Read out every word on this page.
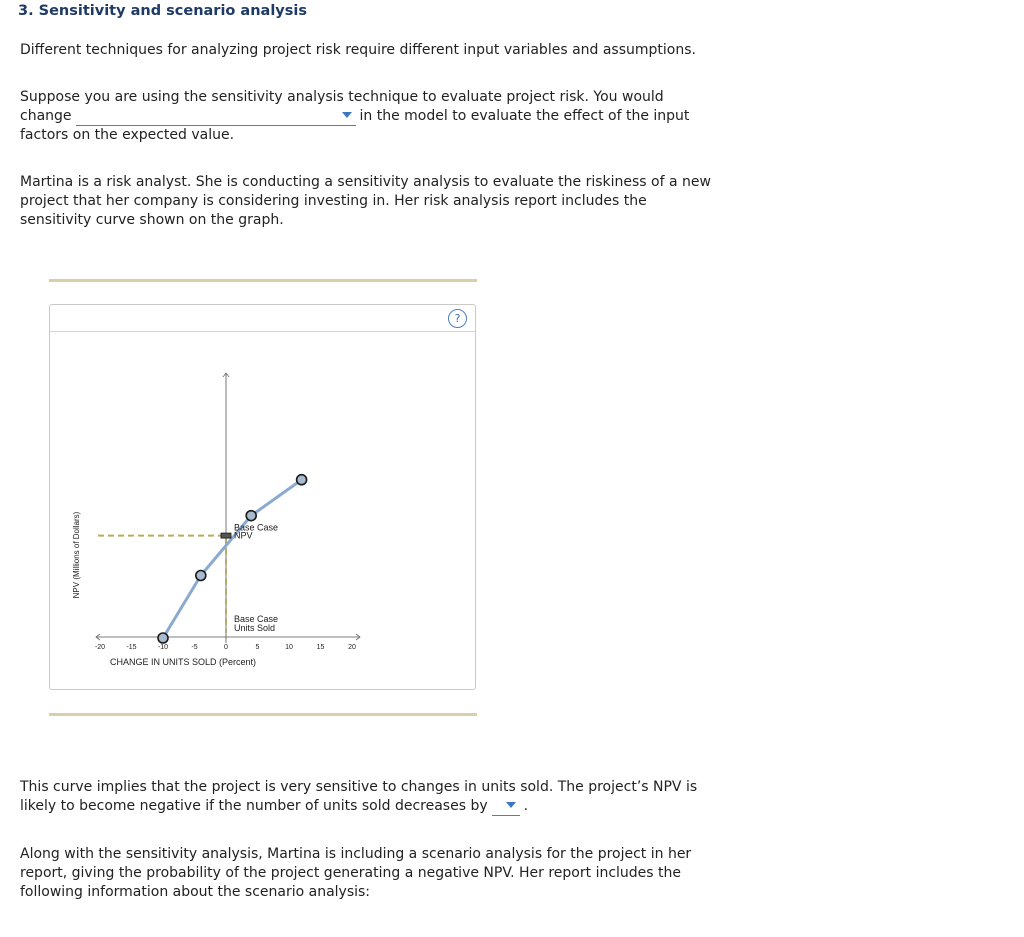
3. Sensitivity and scenario analysis

Different techniques for analyzing project risk require different input variables and assumptions.

Suppose you are using the sensitivity analysis technique to evaluate project risk. You would
change	in the model to evaluate the effect of the input
factors on the expected value.

Martina is a risk analyst. She is conducting a sensitivity analysis to evaluate the riskiness of a new
project that her company is considering investing in. Her risk analysis report includes the
sensitivity curve shown on the graph.

?
NPV (Millions of Dollars)
CHANGE IN UNITS SOLD (Percent)
-20	-15	-10	-5	0	5	10	15	20
Base Case
NPV
Base Case
Units Sold

This curve implies that the project is very sensitive to changes in units sold. The project’s NPV is
likely to become negative if the number of units sold decreases by	.

Along with the sensitivity analysis, Martina is including a scenario analysis for the project in her
report, giving the probability of the project generating a negative NPV. Her report includes the
following information about the scenario analysis:
